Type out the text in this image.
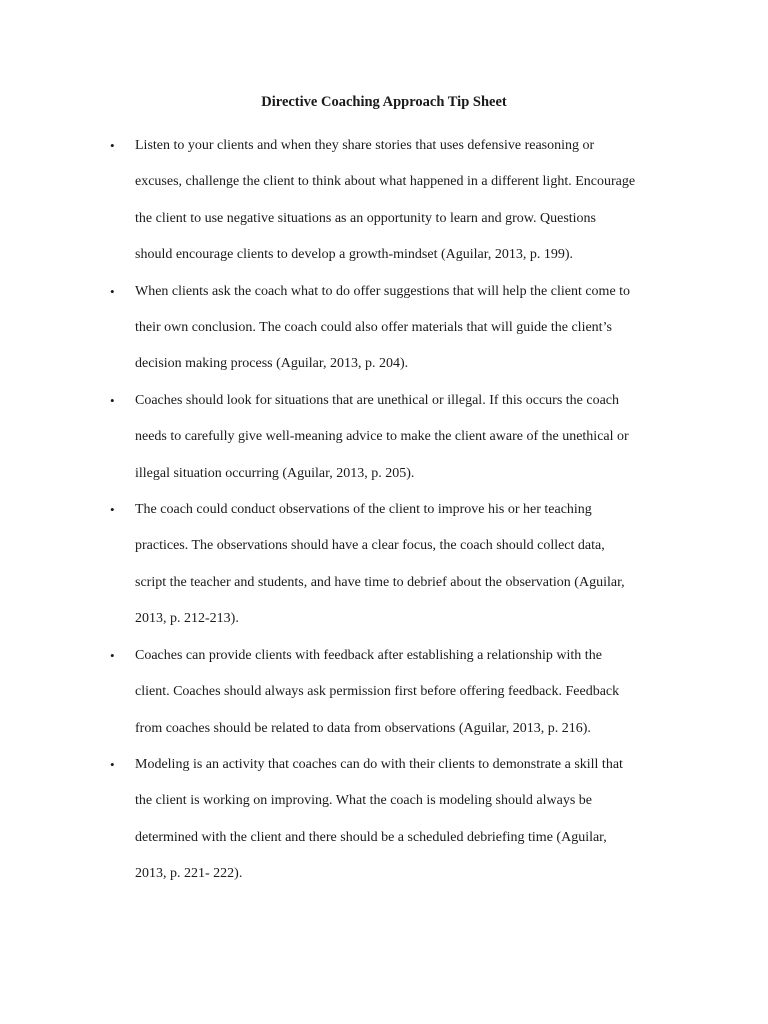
Directive Coaching Approach Tip Sheet
•	Listen to your clients and when they share stories that uses defensive reasoning or
excuses, challenge the client to think about what happened in a different light. Encourage
the client to use negative situations as an opportunity to learn and grow. Questions
should encourage clients to develop a growth-mindset (Aguilar, 2013, p. 199).
•	When clients ask the coach what to do offer suggestions that will help the client come to
their own conclusion. The coach could also offer materials that will guide the client’s
decision making process (Aguilar, 2013, p. 204).
•	Coaches should look for situations that are unethical or illegal. If this occurs the coach
needs to carefully give well-meaning advice to make the client aware of the unethical or
illegal situation occurring (Aguilar, 2013, p. 205).
•	The coach could conduct observations of the client to improve his or her teaching
practices. The observations should have a clear focus, the coach should collect data,
script the teacher and students, and have time to debrief about the observation (Aguilar,
2013, p. 212-213).
•	Coaches can provide clients with feedback after establishing a relationship with the
client. Coaches should always ask permission first before offering feedback. Feedback
from coaches should be related to data from observations (Aguilar, 2013, p. 216).
•	Modeling is an activity that coaches can do with their clients to demonstrate a skill that
the client is working on improving. What the coach is modeling should always be
determined with the client and there should be a scheduled debriefing time (Aguilar,
2013, p. 221- 222).
